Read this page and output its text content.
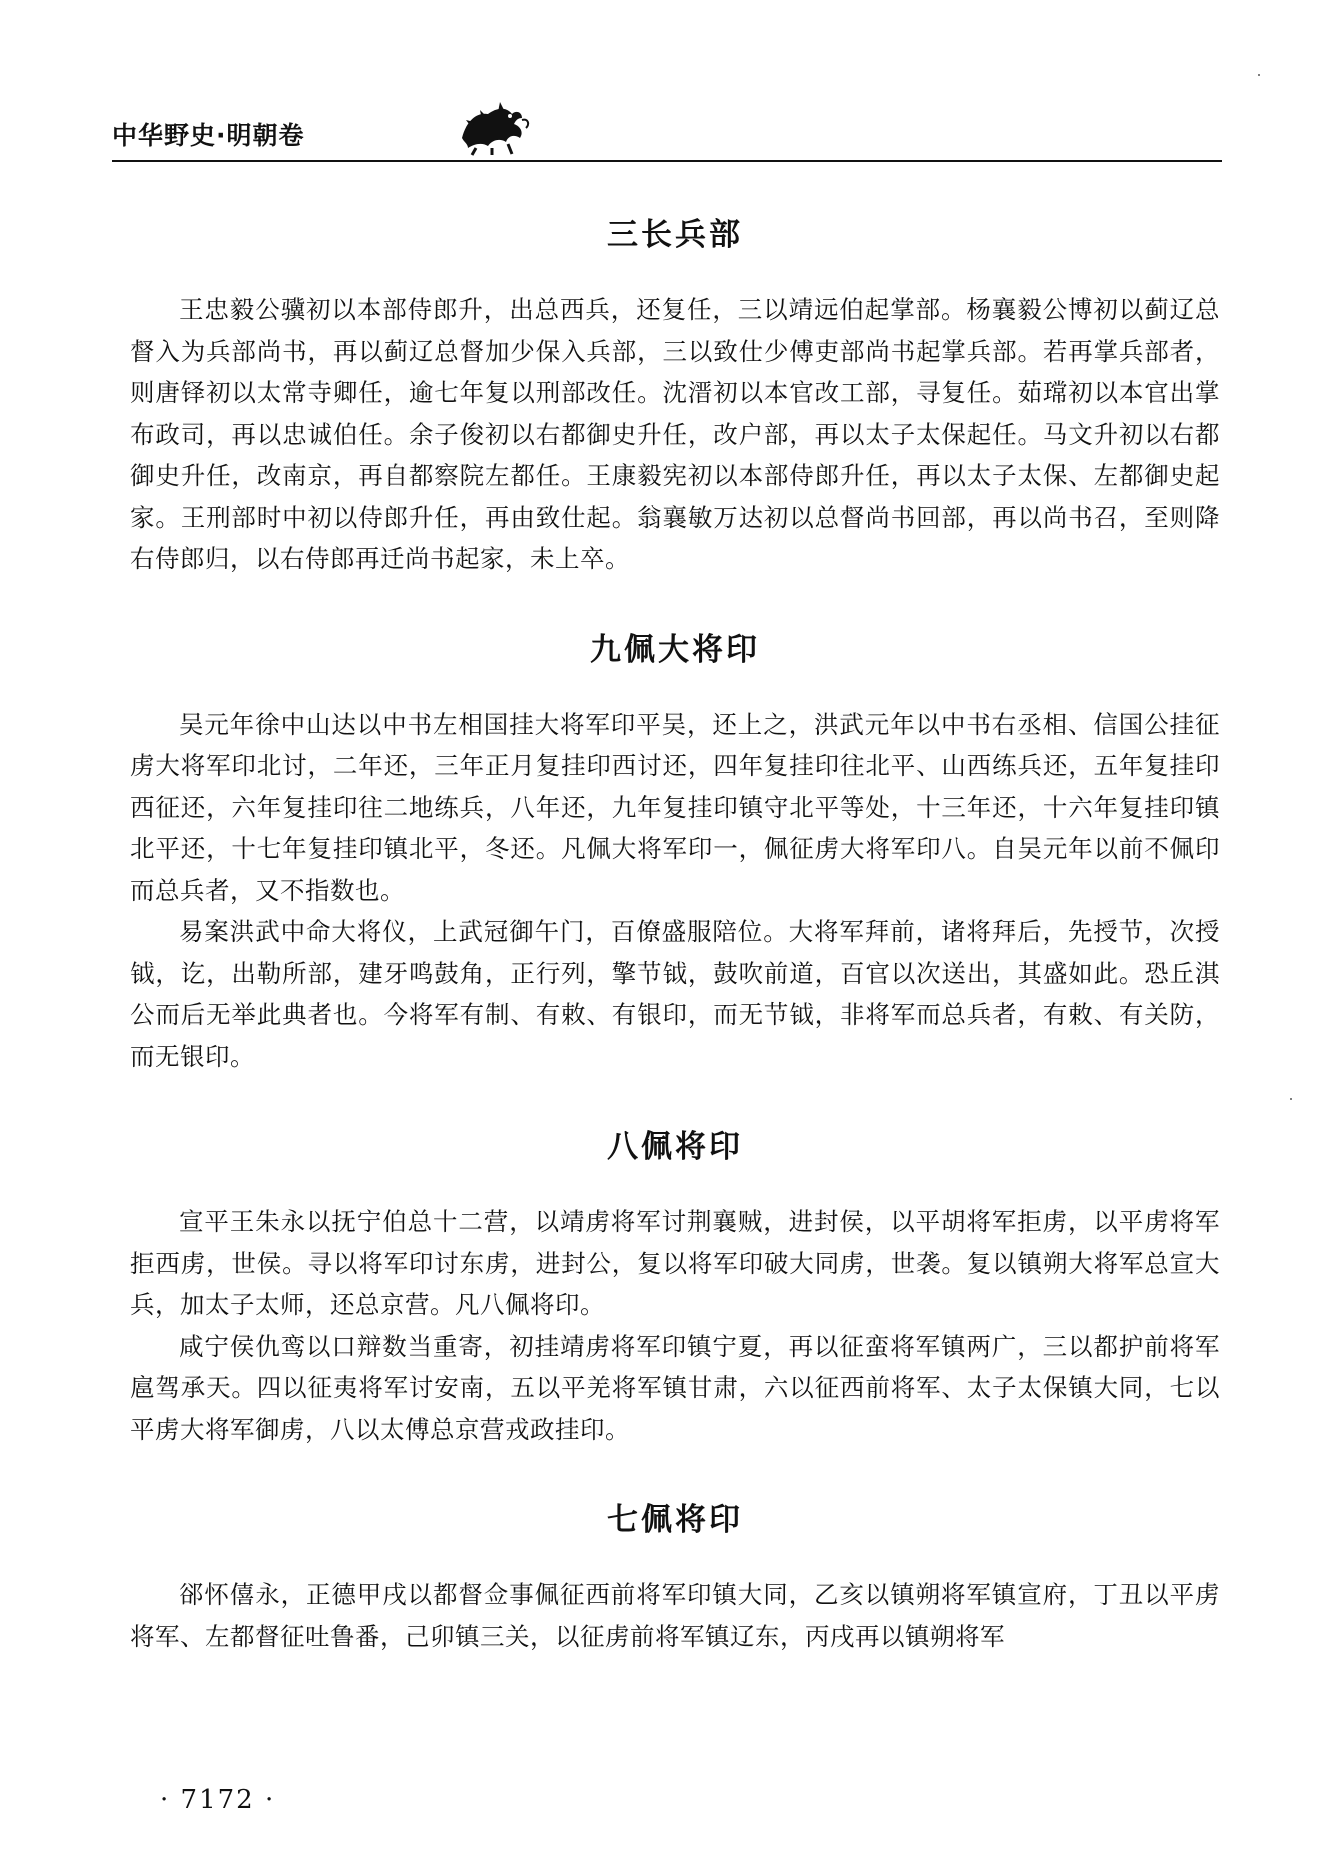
中华野史·明朝卷
三长兵部

王忠毅公骥初以本部侍郎升，出总西兵，还复任，三以靖远伯起掌部。杨襄毅公博初以蓟辽总督入为兵部尚书，再以蓟辽总督加少保入兵部，三以致仕少傅吏部尚书起掌兵部。若再掌兵部者，则唐铎初以太常寺卿任，逾七年复以刑部改任。沈溍初以本官改工部，寻复任。茹瑺初以本官出掌布政司，再以忠诚伯任。余子俊初以右都御史升任，改户部，再以太子太保起任。马文升初以右都御史升任，改南京，再自都察院左都任。王康毅宪初以本部侍郎升任，再以太子太保、左都御史起家。王刑部时中初以侍郎升任，再由致仕起。翁襄敏万达初以总督尚书回部，再以尚书召，至则降右侍郎归，以右侍郎再迁尚书起家，未上卒。

九佩大将印

吴元年徐中山达以中书左相国挂大将军印平吴，还上之，洪武元年以中书右丞相、信国公挂征虏大将军印北讨，二年还，三年正月复挂印西讨还，四年复挂印往北平、山西练兵还，五年复挂印西征还，六年复挂印往二地练兵，八年还，九年复挂印镇守北平等处，十三年还，十六年复挂印镇北平还，十七年复挂印镇北平，冬还。凡佩大将军印一，佩征虏大将军印八。自吴元年以前不佩印而总兵者，又不指数也。

易案洪武中命大将仪，上武冠御午门，百僚盛服陪位。大将军拜前，诸将拜后，先授节，次授钺，讫，出勒所部，建牙鸣鼓角，正行列，擎节钺，鼓吹前道，百官以次送出，其盛如此。恐丘淇公而后无举此典者也。今将军有制、有敕、有银印，而无节钺，非将军而总兵者，有敕、有关防，而无银印。

八佩将印

宣平王朱永以抚宁伯总十二营，以靖虏将军讨荆襄贼，进封侯，以平胡将军拒虏，以平虏将军拒西虏，世侯。寻以将军印讨东虏，进封公，复以将军印破大同虏，世袭。复以镇朔大将军总宣大兵，加太子太师，还总京营。凡八佩将印。

咸宁侯仇鸾以口辩数当重寄，初挂靖虏将军印镇宁夏，再以征蛮将军镇两广，三以都护前将军扈驾承天。四以征夷将军讨安南，五以平羌将军镇甘肃，六以征西前将军、太子太保镇大同，七以平虏大将军御虏，八以太傅总京营戎政挂印。

七佩将印

郤怀僖永，正德甲戌以都督佥事佩征西前将军印镇大同，乙亥以镇朔将军镇宣府，丁丑以平虏将军、左都督征吐鲁番，己卯镇三关，以征虏前将军镇辽东，丙戌再以镇朔将军

· 7172 ·
